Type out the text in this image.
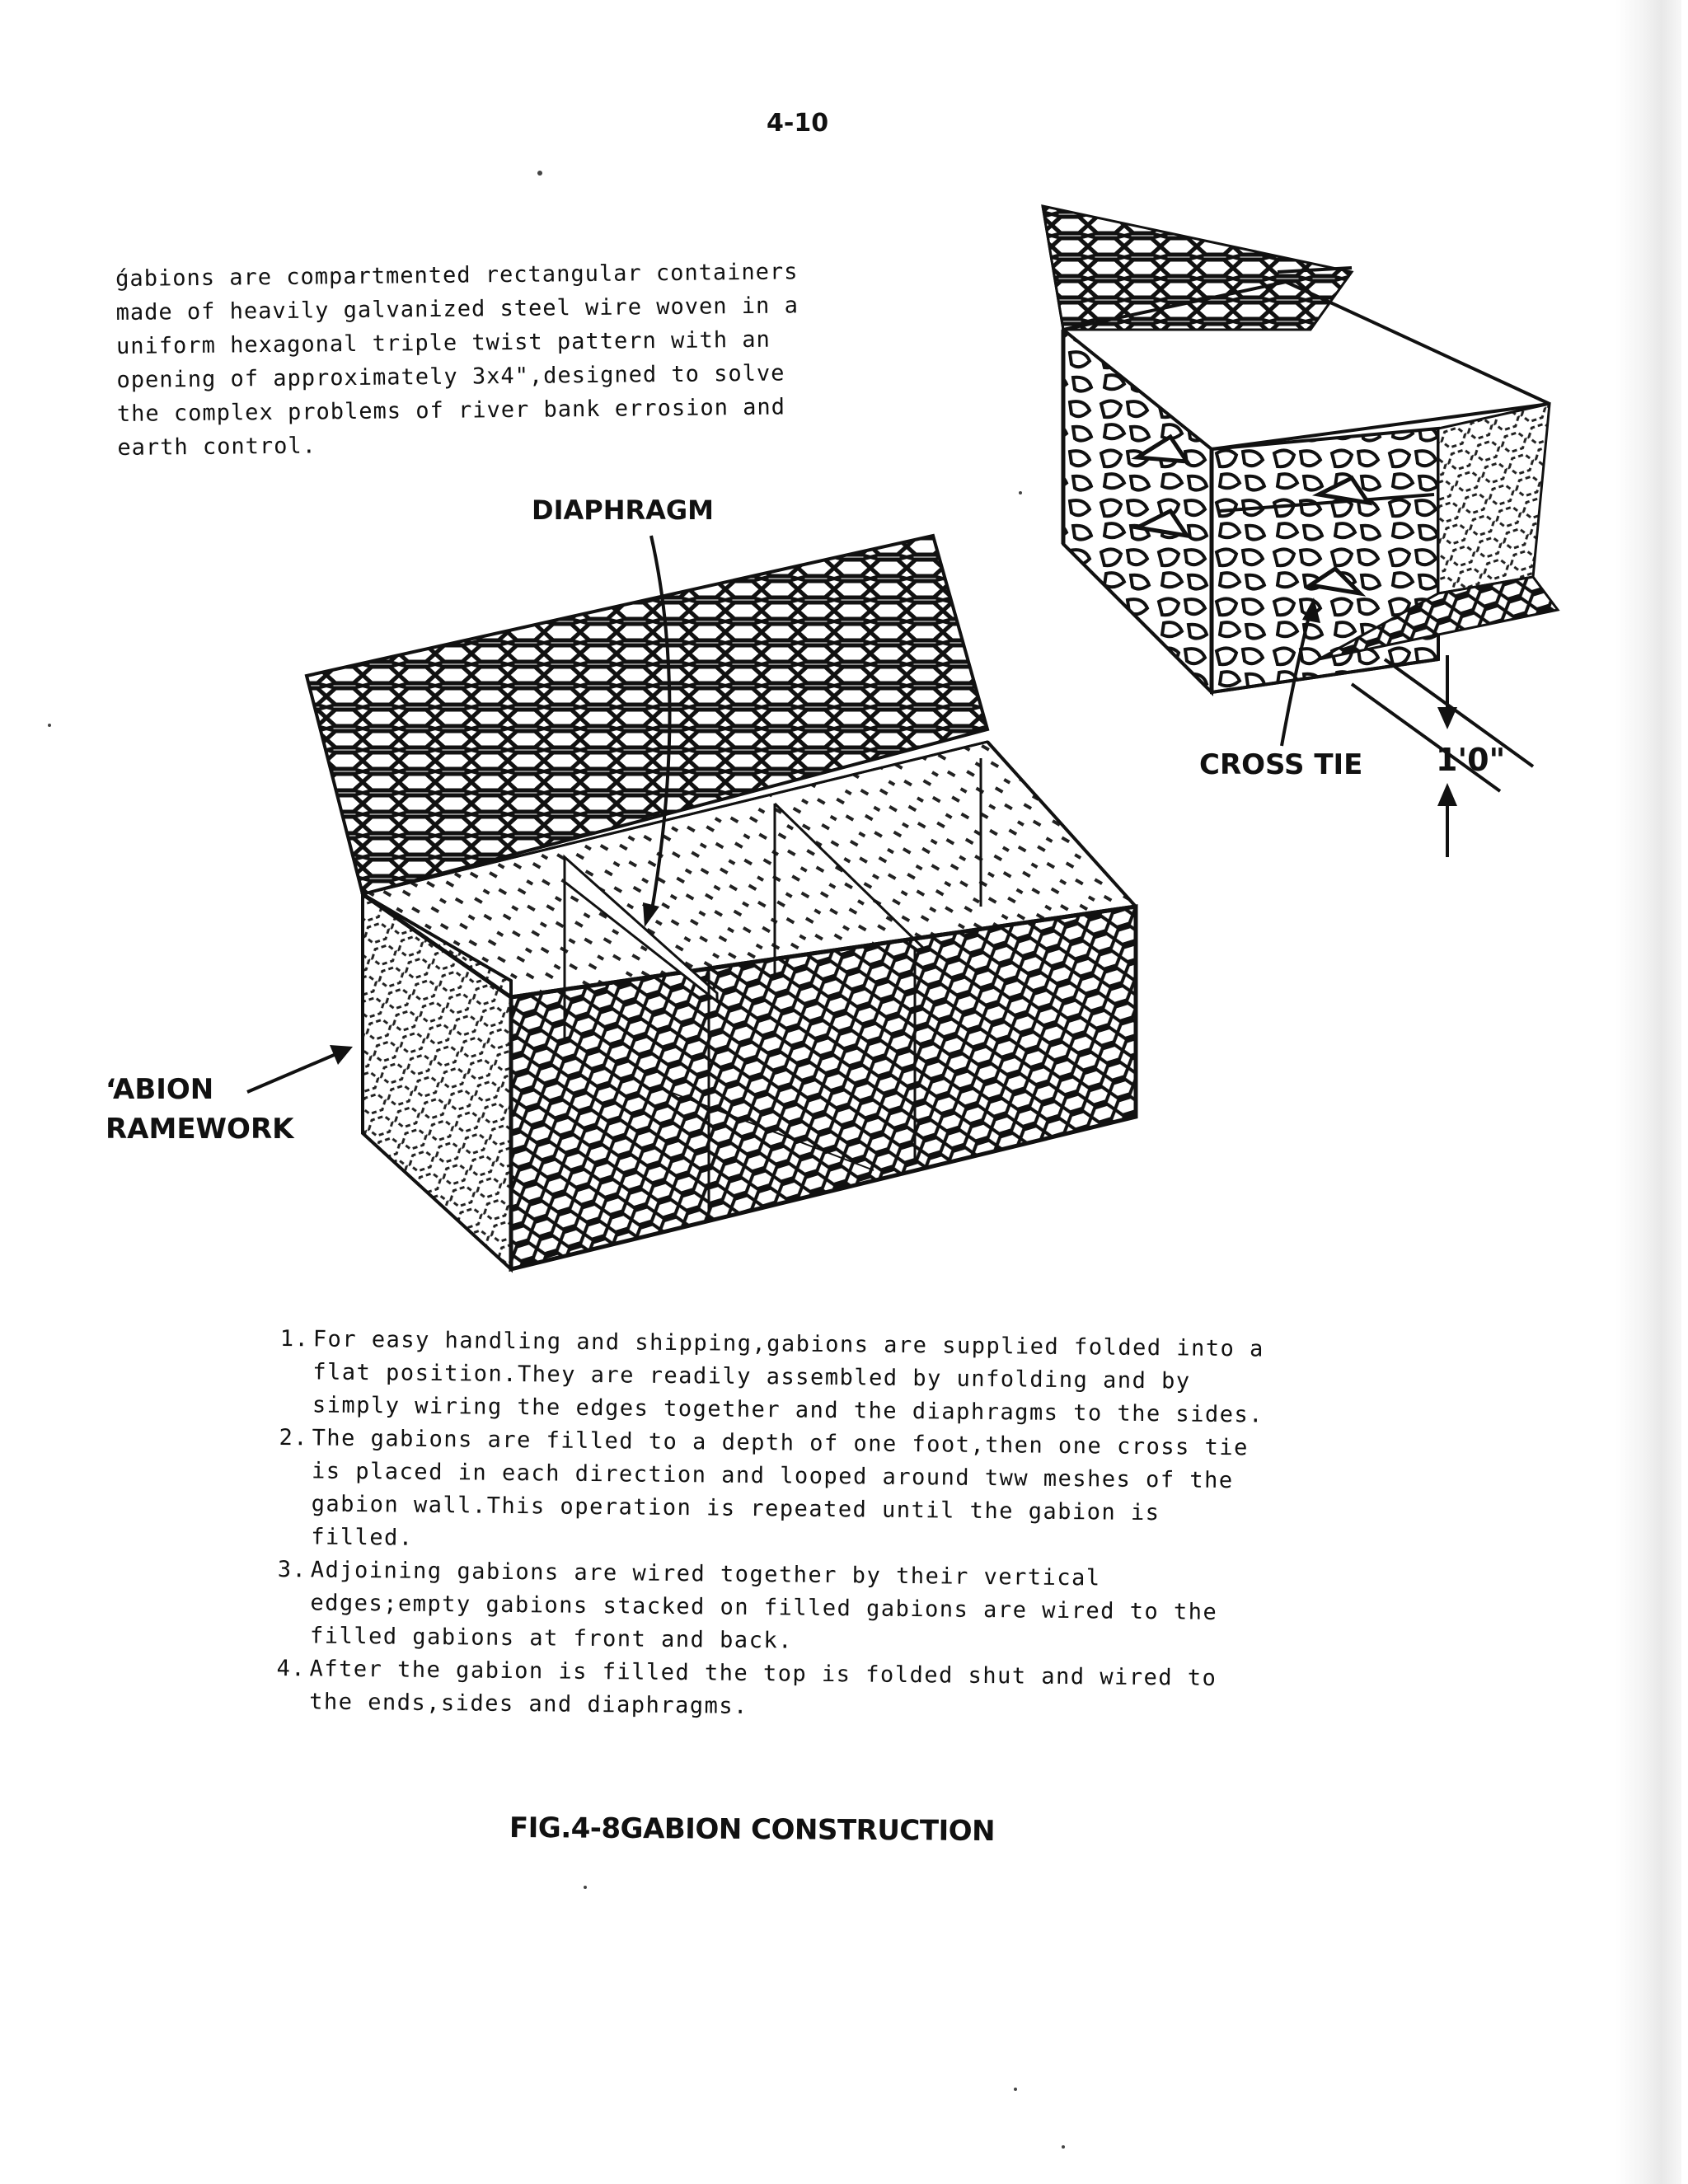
4-10
ǵabions are compartmented rectangular containers
made of heavily galvanized steel wire woven in a
uniform hexagonal triple twist pattern with an
opening of approximately 3x4",designed to solve
the complex problems of river bank errosion and
earth control.
DIAPHRAGM
ʻABION
RAMEWORK
CROSS TIE 1'0"
1. For easy handling and shipping,gabions are supplied folded into a flat position.They are readily assembled by unfolding and by simply wiring the edges together and the diaphragms to the sides.
2. The gabions are filled to a depth of one foot,then one cross tie is placed in each direction and looped around tww meshes of the gabion wall.This operation is repeated until the gabion is filled.
3. Adjoining gabions are wired together by their vertical edges;empty gabions stacked on filled gabions are wired to the filled gabions at front and back.
4. After the gabion is filled the top is folded shut and wired to the ends,sides and diaphragms.
FIG.4-8GABION CONSTRUCTION
